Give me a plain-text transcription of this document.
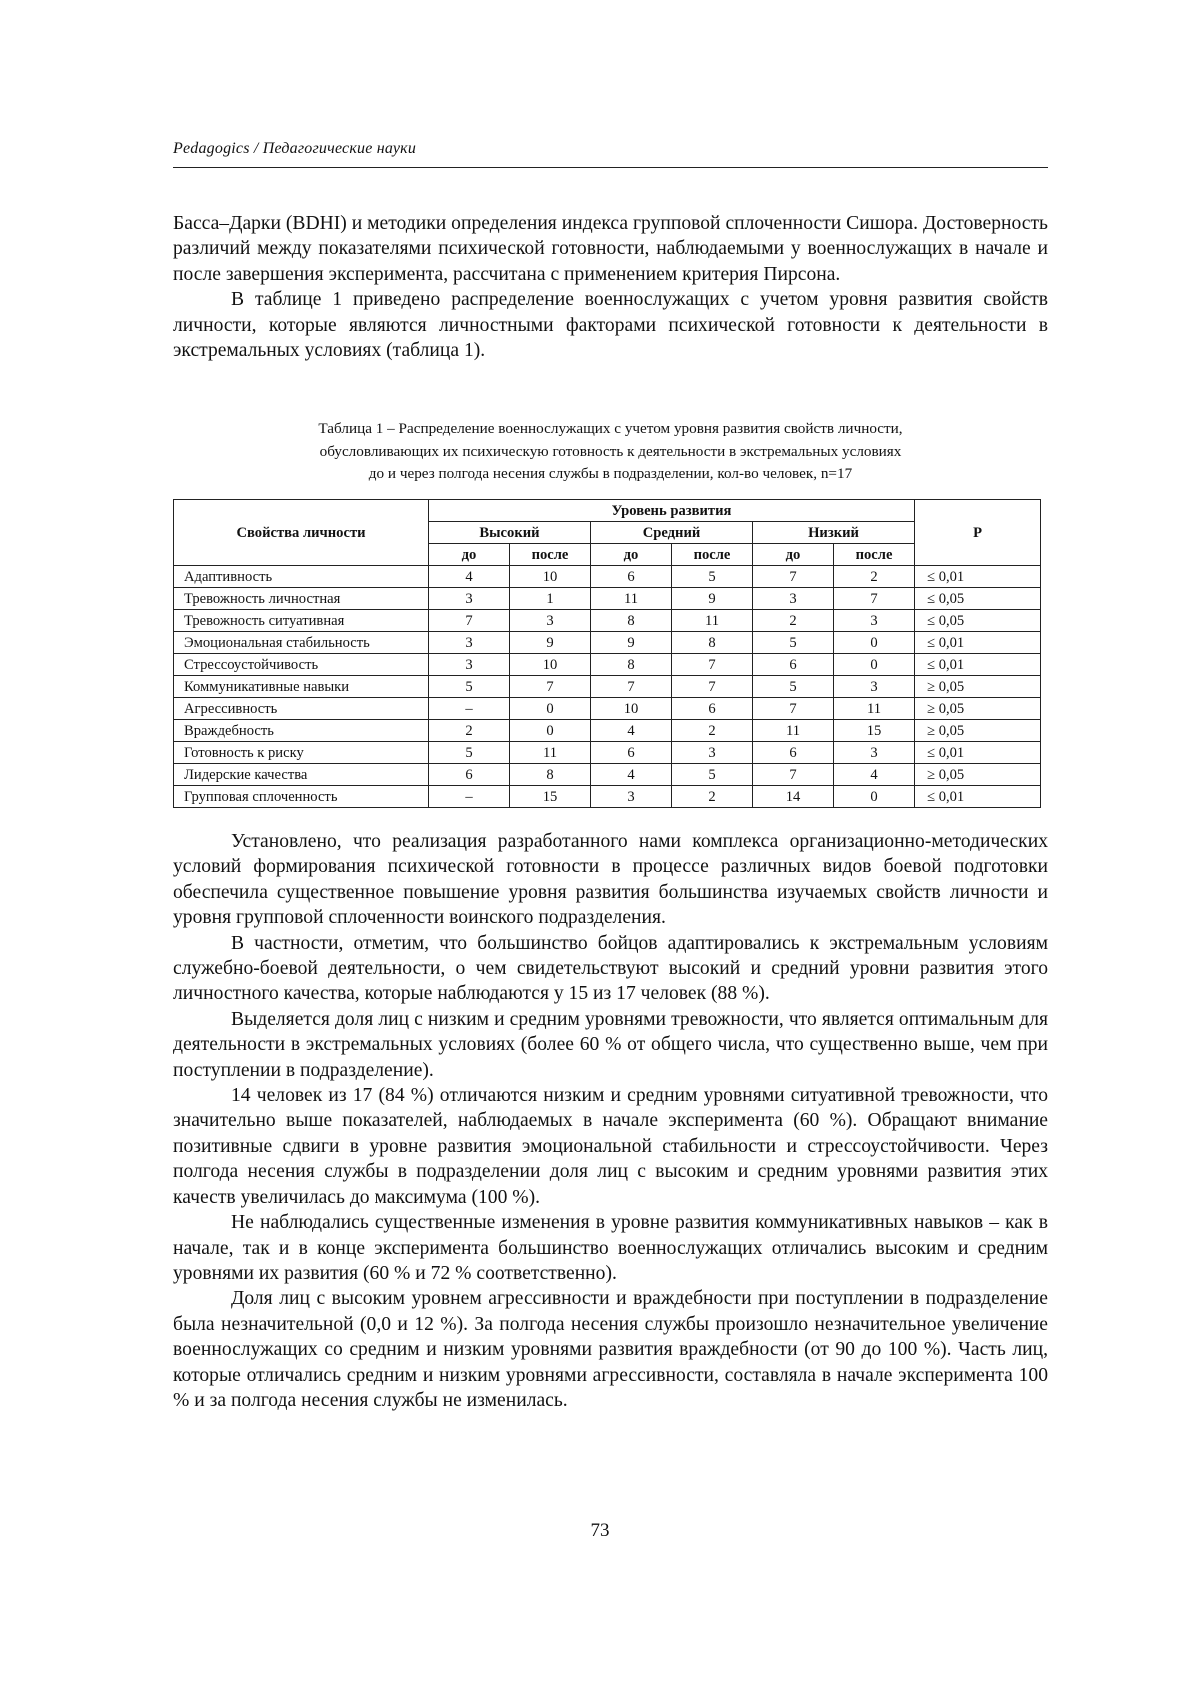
Pedagogics / Педагогические науки

Басса–Дарки (BDHI) и методики определения индекса групповой сплоченности Сишора. Достоверность различий между показателями психической готовности, наблюдаемыми у военнослужащих в начале и после завершения эксперимента, рассчитана с применением критерия Пирсона.

В таблице 1 приведено распределение военнослужащих с учетом уровня развития свойств личности, которые являются личностными факторами психической готовности к деятельности в экстремальных условиях (таблица 1).

Таблица 1 – Распределение военнослужащих с учетом уровня развития свойств личности,
обусловливающих их психическую готовность к деятельности в экстремальных условиях
до и через полгода несения службы в подразделении, кол-во человек, n=17
Свойства личности	Уровень развития						P
	Высокий		Средний		Низкий		
	до	после	до	после	до	после	
Адаптивность	4	10	6	5	7	2	≤ 0,01
Тревожность личностная	3	1	11	9	3	7	≤ 0,05
Тревожность ситуативная	7	3	8	11	2	3	≤ 0,05
Эмоциональная стабильность	3	9	9	8	5	0	≤ 0,01
Стрессоустойчивость	3	10	8	7	6	0	≤ 0,01
Коммуникативные навыки	5	7	7	7	5	3	≥ 0,05
Агрессивность	–	0	10	6	7	11	≥ 0,05
Враждебность	2	0	4	2	11	15	≥ 0,05
Готовность к риску	5	11	6	3	6	3	≤ 0,01
Лидерские качества	6	8	4	5	7	4	≥ 0,05
Групповая сплоченность	–	15	3	2	14	0	≤ 0,01

Установлено, что реализация разработанного нами комплекса организационно-методических условий формирования психической готовности в процессе различных видов боевой подготовки обеспечила существенное повышение уровня развития большинства изучаемых свойств личности и уровня групповой сплоченности воинского подразделения.

В частности, отметим, что большинство бойцов адаптировались к экстремальным условиям служебно-боевой деятельности, о чем свидетельствуют высокий и средний уровни развития этого личностного качества, которые наблюдаются у 15 из 17 человек (88 %).

Выделяется доля лиц с низким и средним уровнями тревожности, что является оптимальным для деятельности в экстремальных условиях (более 60 % от общего числа, что существенно выше, чем при поступлении в подразделение).

14 человек из 17 (84 %) отличаются низким и средним уровнями ситуативной тревожности, что значительно выше показателей, наблюдаемых в начале эксперимента (60 %). Обращают внимание позитивные сдвиги в уровне развития эмоциональной стабильности и стрессоустойчивости. Через полгода несения службы в подразделении доля лиц с высоким и средним уровнями развития этих качеств увеличилась до максимума (100 %).

Не наблюдались существенные изменения в уровне развития коммуникативных навыков – как в начале, так и в конце эксперимента большинство военнослужащих отличались высоким и средним уровнями их развития (60 % и 72 % соответственно).

Доля лиц с высоким уровнем агрессивности и враждебности при поступлении в подразделение была незначительной (0,0 и 12 %). За полгода несения службы произошло незначительное увеличение военнослужащих со средним и низким уровнями развития враждебности (от 90 до 100 %). Часть лиц, которые отличались средним и низким уровнями агрессивности, составляла в начале эксперимента 100 % и за полгода несения службы не изменилась.

73
